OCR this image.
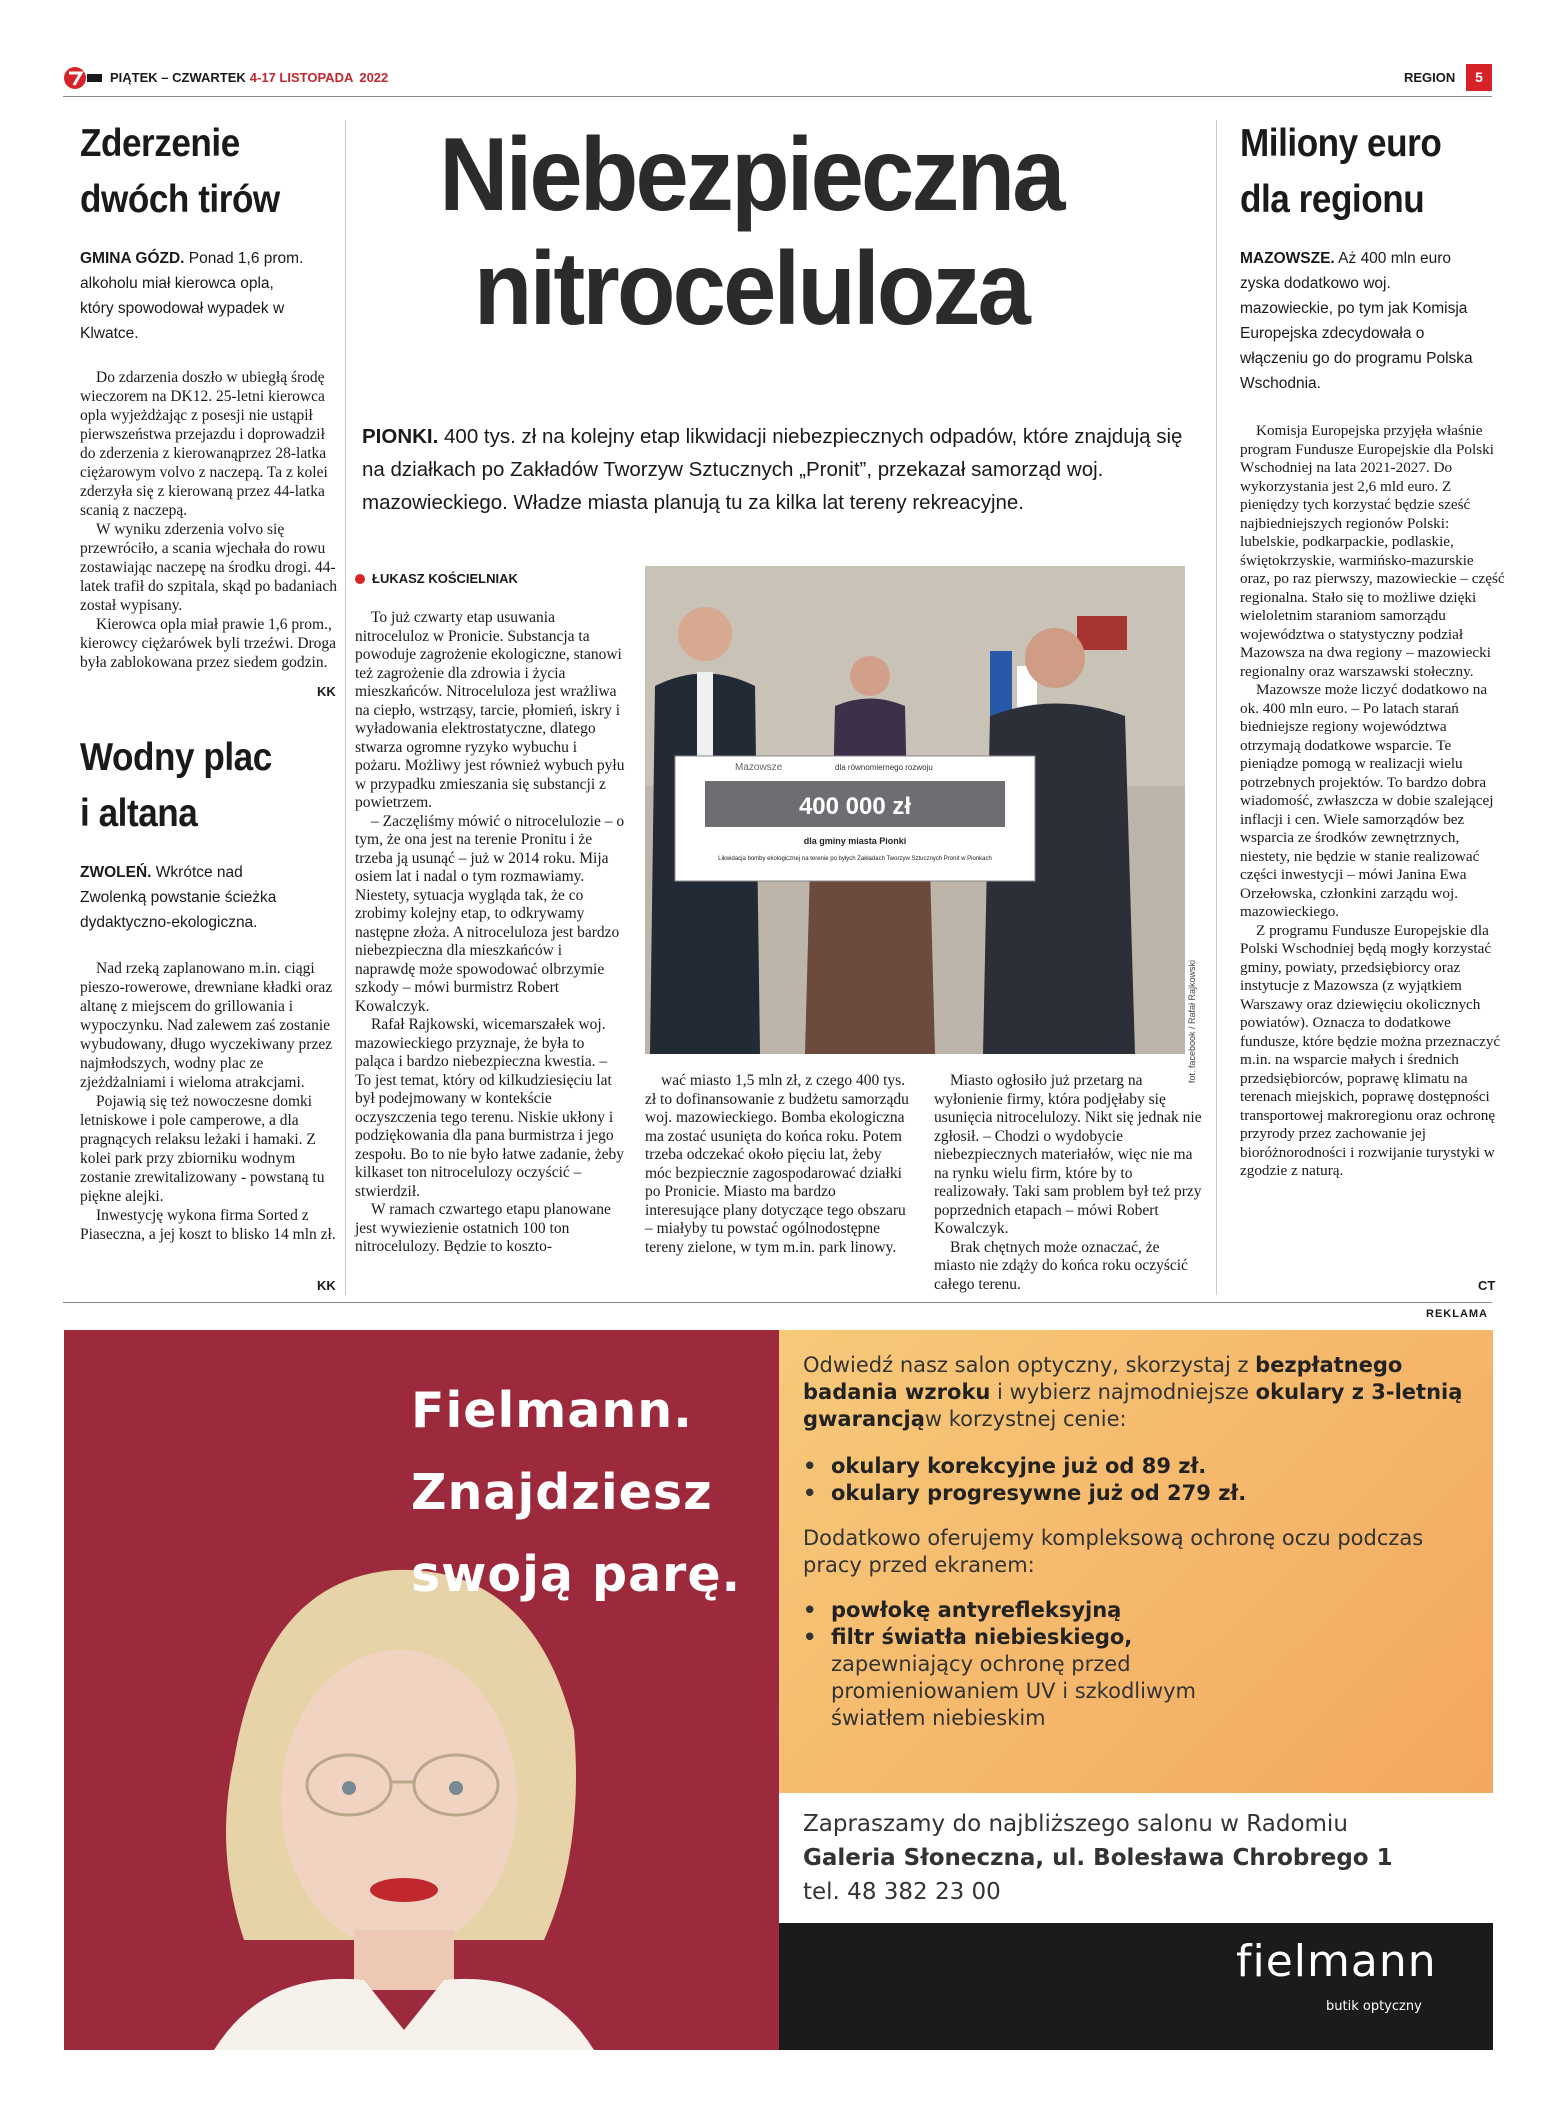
PIĄTEK – CZWARTEK 4-17 LISTOPADA 2022	REGION	5
Zderzenie
dwóch tirów
GMINA GÓZD. Ponad 1,6 prom. alkoholu miał kierowca opla, który spowodował wypadek w Klwatce.

Do zdarzenia doszło w ubiegłą środę wieczorem na DK12. 25-letni kierowca opla wyjeżdżając z posesji nie ustąpił pierwszeństwa przejazdu i doprowadził do zderzenia z kierowanąprzez 28-latka ciężarowym volvo z naczepą. Ta z kolei zderzyła się z kierowaną przez 44-latka scanią z naczepą.

W wyniku zderzenia volvo się przewróciło, a scania wjechała do rowu zostawiając naczepę na środku drogi. 44-latek trafił do szpitala, skąd po badaniach został wypisany.

Kierowca opla miał prawie 1,6 prom., kierowcy ciężarówek byli trzeźwi. Droga była zablokowana przez siedem godzin.

KK
Wodny plac
i altana
ZWOLEŃ. Wkrótce nad Zwolenką powstanie ścieżka dydaktyczno-ekologiczna.

Nad rzeką zaplanowano m.in. ciągi pieszo-rowerowe, drewniane kładki oraz altanę z miejscem do grillowania i wypoczynku. Nad zalewem zaś zostanie wybudowany, długo wyczekiwany przez najmłodszych, wodny plac ze zjeżdżalniami i wieloma atrakcjami.

Pojawią się też nowoczesne domki letniskowe i pole camperowe, a dla pragnących relaksu leżaki i hamaki. Z kolei park przy zbiorniku wodnym zostanie zrewitalizowany - powstaną tu piękne alejki.

Inwestycję wykona firma Sorted z Piaseczna, a jej koszt to blisko 14 mln zł.

KK
Niebezpieczna
nitroceluloza
PIONKI. 400 tys. zł na kolejny etap likwidacji niebezpiecznych odpadów, które znajdują się na działkach po Zakładów Tworzyw Sztucznych „Pronit”, przekazał samorząd woj. mazowieckiego. Władze miasta planują tu za kilka lat tereny rekreacyjne.
ŁUKASZ KOŚCIELNIAK

To już czwarty etap usuwania nitroceluloz w Pronicie. Substancja ta powoduje zagrożenie ekologiczne, stanowi też zagrożenie dla zdrowia i życia mieszkańców. Nitroceluloza jest wrażliwa na ciepło, wstrząsy, tarcie, płomień, iskry i wyładowania elektrostatyczne, dlatego stwarza ogromne ryzyko wybuchu i pożaru. Możliwy jest również wybuch pyłu w przypadku zmieszania się substancji z powietrzem.

– Zaczęliśmy mówić o nitrocelulozie – o tym, że ona jest na terenie Pronitu i że trzeba ją usunąć – już w 2014 roku. Mija osiem lat i nadal o tym rozmawiamy. Niestety, sytuacja wygląda tak, że co zrobimy kolejny etap, to odkrywamy następne złoża. A nitroceluloza jest bardzo niebezpieczna dla mieszkańców i naprawdę może spowodować olbrzymie szkody – mówi burmistrz Robert Kowalczyk.

Rafał Rajkowski, wicemarszałek woj. mazowieckiego przyznaje, że była to paląca i bardzo niebezpieczna kwestia. – To jest temat, który od kilkudziesięciu lat był podejmowany w kontekście oczyszczenia tego terenu. Niskie ukłony i podziękowania dla pana burmistrza i jego zespołu. Bo to nie było łatwe zadanie, żeby kilkaset ton nitrocelulozy oczyścić – stwierdził.

W ramach czwartego etapu planowane jest wywiezienie ostatnich 100 ton nitrocelulozy. Będzie to koszto-

wać miasto 1,5 mln zł, z czego 400 tys. zł to dofinansowanie z budżetu samorządu woj. mazowieckiego. Bomba ekologiczna ma zostać usunięta do końca roku. Potem trzeba odczekać około pięciu lat, żeby móc bezpiecznie zagospodarować działki po Pronicie. Miasto ma bardzo interesujące plany dotyczące tego obszaru – miałyby tu powstać ogólnodostępne tereny zielone, w tym m.in. park linowy.

Miasto ogłosiło już przetarg na wyłonienie firmy, która podjęłaby się usunięcia nitrocelulozy. Nikt się jednak nie zgłosił. – Chodzi o wydobycie niebezpiecznych materiałów, więc nie ma na rynku wielu firm, które by to realizowały. Taki sam problem był też przy poprzednich etapach – mówi Robert Kowalczyk.

Brak chętnych może oznaczać, że miasto nie zdąży do końca roku oczyścić całego terenu.

Mazowsze	dla równomiernego rozwoju
400 000 zł
dla gminy miasta Pionki
Likwidacja bomby ekologicznej na terenie po byłych Zakładach Tworzyw Sztucznych Pronit w Pionkach
fot. facebook / Rafał Rajkowski
Miliony euro
dla regionu
MAZOWSZE. Aż 400 mln euro zyska dodatkowo woj. mazowieckie, po tym jak Komisja Europejska zdecydowała o włączeniu go do programu Polska Wschodnia.

Komisja Europejska przyjęła właśnie program Fundusze Europejskie dla Polski Wschodniej na lata 2021-2027. Do wykorzystania jest 2,6 mld euro. Z pieniędzy tych korzystać będzie sześć najbiedniejszych regionów Polski: lubelskie, podkarpackie, podlaskie, świętokrzyskie, warmińsko-mazurskie oraz, po raz pierwszy, mazowieckie – część regionalna. Stało się to możliwe dzięki wieloletnim staraniom samorządu województwa o statystyczny podział Mazowsza na dwa regiony – mazowiecki regionalny oraz warszawski stołeczny.

Mazowsze może liczyć dodatkowo na ok. 400 mln euro. – Po latach starań biedniejsze regiony województwa otrzymają dodatkowe wsparcie. Te pieniądze pomogą w realizacji wielu potrzebnych projektów. To bardzo dobra wiadomość, zwłaszcza w dobie szalejącej inflacji i cen. Wiele samorządów bez wsparcia ze środków zewnętrznych, niestety, nie będzie w stanie realizować części inwestycji – mówi Janina Ewa Orzełowska, członkini zarządu woj. mazowieckiego.

Z programu Fundusze Europejskie dla Polski Wschodniej będą mogły korzystać gminy, powiaty, przedsiębiorcy oraz instytucje z Mazowsza (z wyjątkiem Warszawy oraz dziewięciu okolicznych powiatów). Oznacza to dodatkowe fundusze, które będzie można przeznaczyć m.in. na wsparcie małych i średnich przedsiębiorców, poprawę klimatu na terenach miejskich, poprawę dostępności transportowej makroregionu oraz ochronę przyrody przez zachowanie jej bioróżnorodności i rozwijanie turystyki w zgodzie z naturą.

CT
REKLAMA
Fielmann.
Znajdziesz
swoją parę.
Odwiedź nasz salon optyczny, skorzystaj z bezpłatnego badania wzroku i wybierz najmodniejsze okulary z 3-letnią gwarancjąw korzystnej cenie:
• okulary korekcyjne już od 89 zł.
• okulary progresywne już od 279 zł.
Dodatkowo oferujemy kompleksową ochronę oczu podczas pracy przed ekranem:
• powłokę antyrefleksyjną
• filtr światła niebieskiego,
zapewniający ochronę przed promieniowaniem UV i szkodliwym światłem niebieskim
Zapraszamy do najbliższego salonu w Radomiu
Galeria Słoneczna, ul. Bolesława Chrobrego 1
tel. 48 382 23 00
fielmann
butik optyczny
